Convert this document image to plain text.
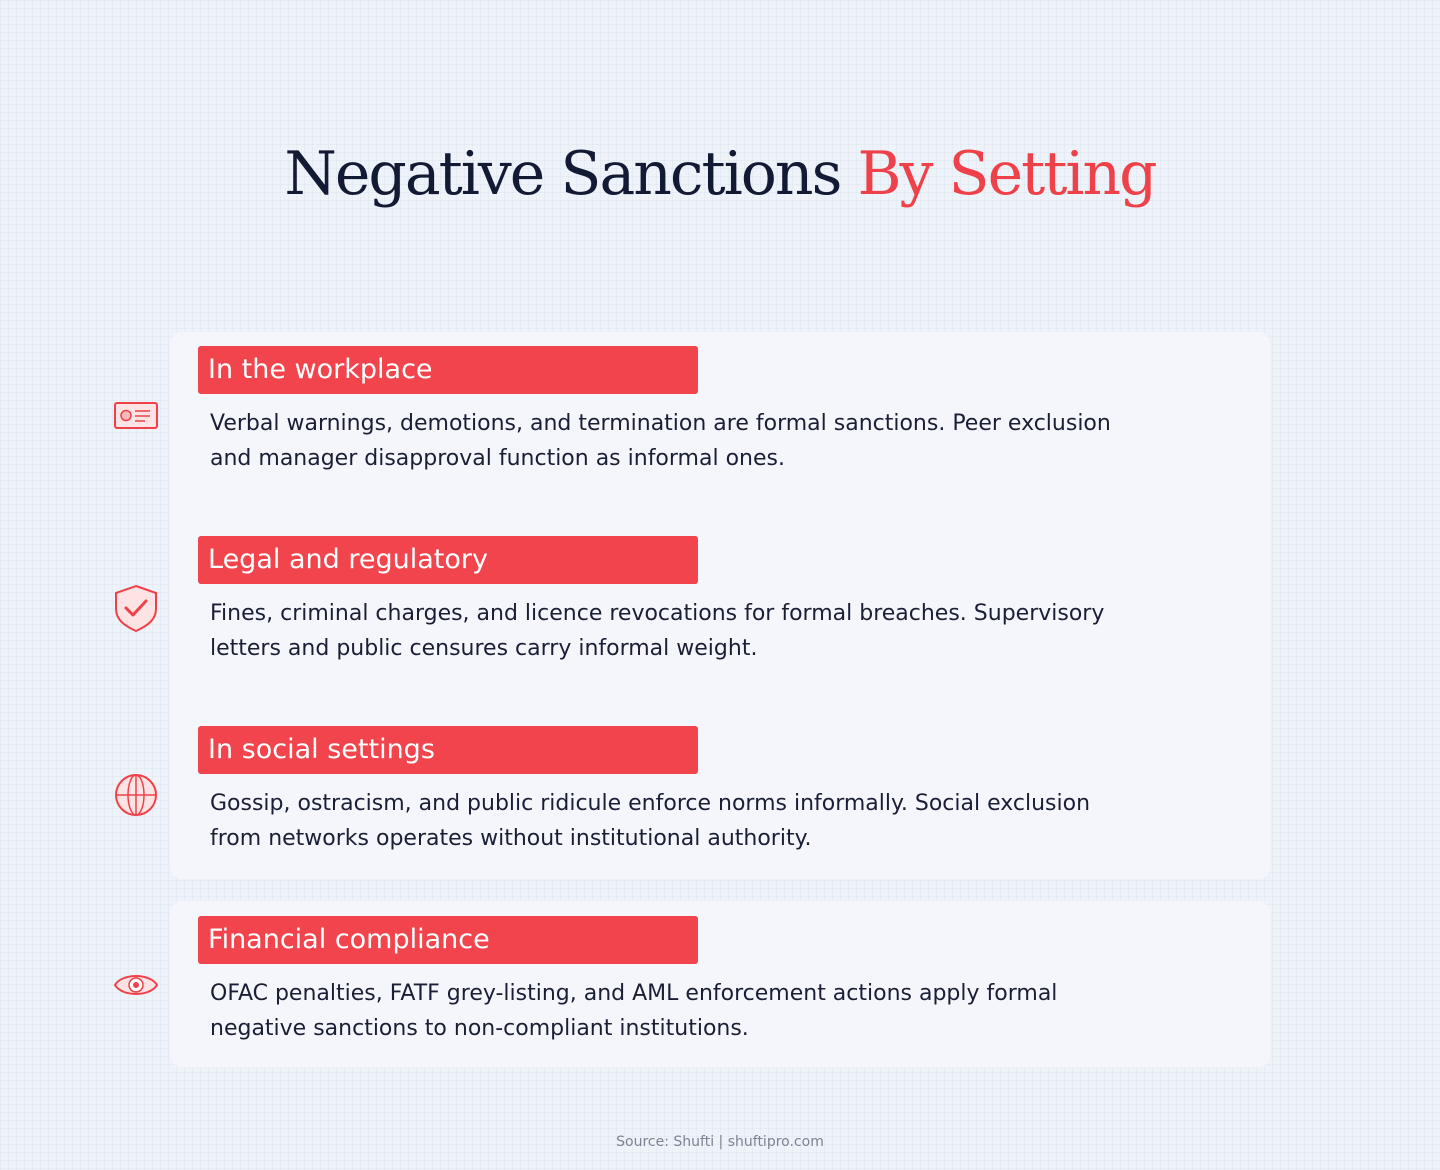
Negative Sanctions By Setting
In the workplace

Verbal warnings, demotions, and termination are formal sanctions. Peer exclusion and manager disapproval function as informal ones.

Legal and regulatory

Fines, criminal charges, and licence revocations for formal breaches. Supervisory letters and public censures carry informal weight.

In social settings

Gossip, ostracism, and public ridicule enforce norms informally. Social exclusion from networks operates without institutional authority.

Financial compliance

OFAC penalties, FATF grey-listing, and AML enforcement actions apply formal negative sanctions to non-compliant institutions.

Source: Shufti | shuftipro.com
